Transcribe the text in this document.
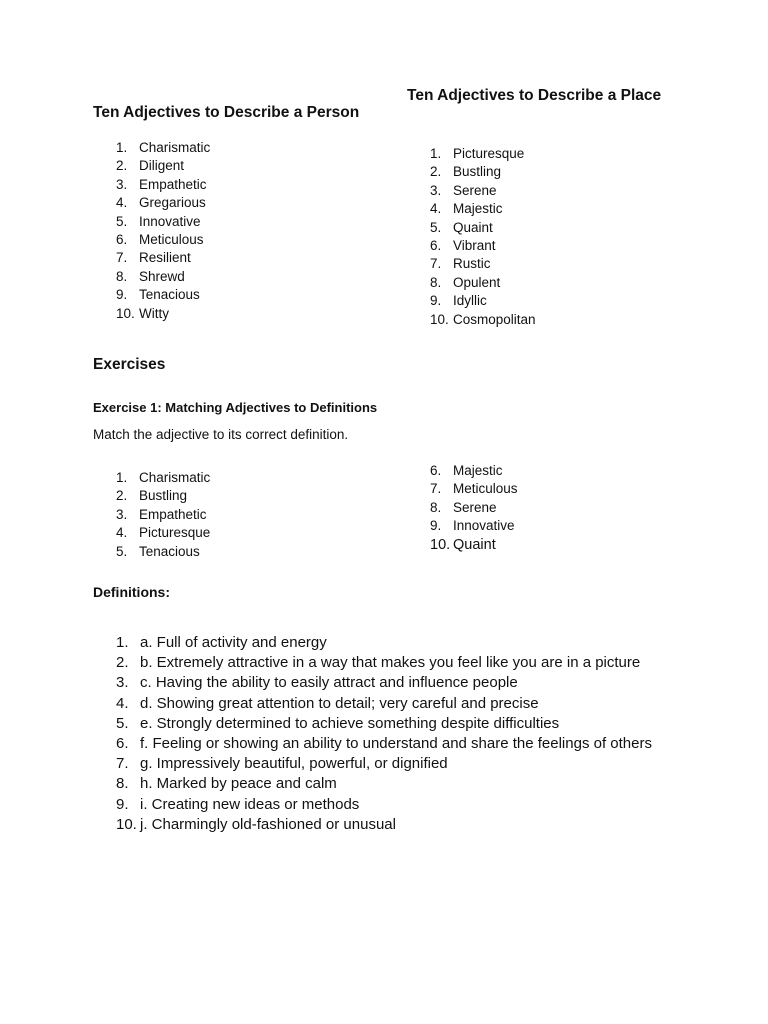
Ten Adjectives to Describe a Person
1. Charismatic
2. Diligent
3. Empathetic
4. Gregarious
5. Innovative
6. Meticulous
7. Resilient
8. Shrewd
9. Tenacious
10. Witty
Ten Adjectives to Describe a Place
1. Picturesque
2. Bustling
3. Serene
4. Majestic
5. Quaint
6. Vibrant
7. Rustic
8. Opulent
9. Idyllic
10. Cosmopolitan
Exercises
Exercise 1: Matching Adjectives to Definitions
Match the adjective to its correct definition.
1. Charismatic
2. Bustling
3. Empathetic
4. Picturesque
5. Tenacious
6. Majestic
7. Meticulous
8. Serene
9. Innovative
10. Quaint
Definitions:
1. a. Full of activity and energy
2. b. Extremely attractive in a way that makes you feel like you are in a picture
3. c. Having the ability to easily attract and influence people
4. d. Showing great attention to detail; very careful and precise
5. e. Strongly determined to achieve something despite difficulties
6. f. Feeling or showing an ability to understand and share the feelings of others
7. g. Impressively beautiful, powerful, or dignified
8. h. Marked by peace and calm
9. i. Creating new ideas or methods
10. j. Charmingly old-fashioned or unusual
